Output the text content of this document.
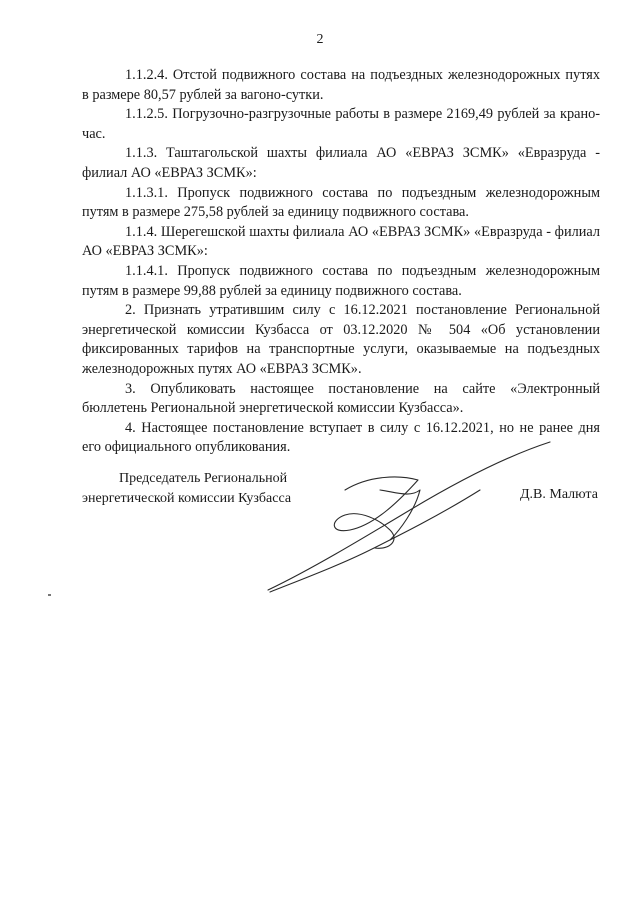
2

1.1.2.4. Отстой подвижного состава на подъездных железнодорожных путях в размере 80,57 рублей за вагоно-сутки.

1.1.2.5. Погрузочно-разгрузочные работы в размере 2169,49 рублей за крано-час.

1.1.3. Таштагольской шахты филиала АО «ЕВРАЗ ЗСМК» «Евразруда - филиал АО «ЕВРАЗ ЗСМК»:

1.1.3.1. Пропуск подвижного состава по подъездным железнодорожным путям в размере 275,58 рублей за единицу подвижного состава.

1.1.4. Шерегешской шахты филиала АО «ЕВРАЗ ЗСМК» «Евразруда - филиал АО «ЕВРАЗ ЗСМК»:

1.1.4.1. Пропуск подвижного состава по подъездным железнодорожным путям в размере 99,88 рублей за единицу подвижного состава.

2. Признать утратившим силу с 16.12.2021 постановление Региональной энергетической комиссии Кузбасса от 03.12.2020 № 504 «Об установлении фиксированных тарифов на транспортные услуги, оказываемые на подъездных железнодорожных путях АО «ЕВРАЗ ЗСМК».

3. Опубликовать настоящее постановление на сайте «Электронный бюллетень Региональной энергетической комиссии Кузбасса».

4. Настоящее постановление вступает в силу с 16.12.2021, но не ранее дня его официального опубликования.

Председатель Региональной
энергетической комиссии Кузбасса	Д.В. Малюта
